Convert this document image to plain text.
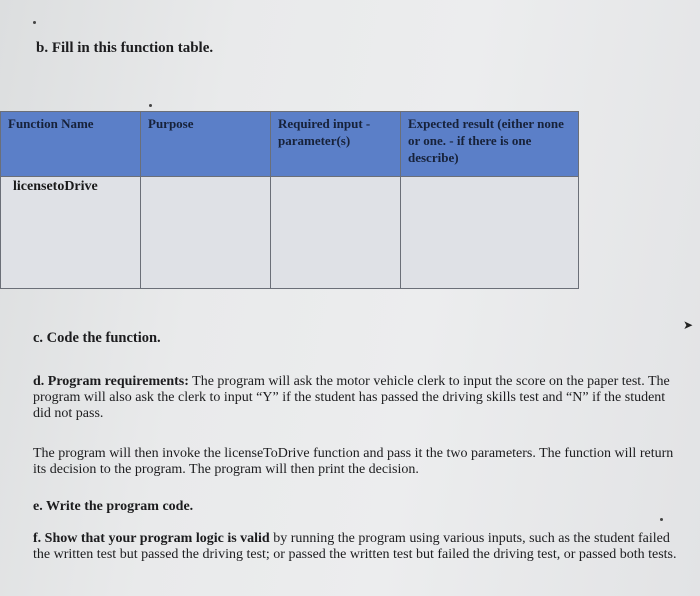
b. Fill in this function table.

Function Name	Purpose	Required input - parameter(s)	Expected result (either none or one. - if there is one describe)

licensetoDrive			

c. Code the function.

d. Program requirements: The program will ask the motor vehicle clerk to input the score on the paper test. The program will also ask the clerk to input “Y” if the student has passed the driving skills test and “N” if the student did not pass.

The program will then invoke the licenseToDrive function and pass it the two parameters. The function will return its decision to the program. The program will then print the decision.

e. Write the program code.

f. Show that your program logic is valid by running the program using various inputs, such as the student failed the written test but passed the driving test; or passed the written test but failed the driving test, or passed both tests.

➤
